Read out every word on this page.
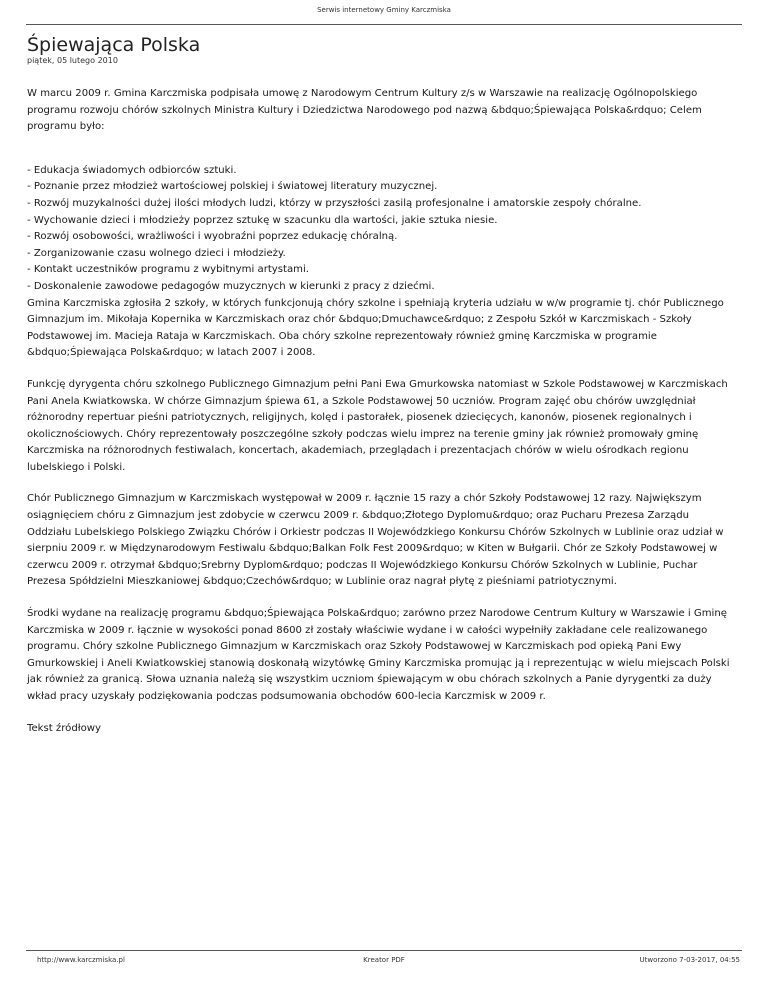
Serwis internetowy Gminy Karczmiska
Śpiewająca Polska
piątek, 05 lutego 2010

W marcu 2009 r. Gmina Karczmiska podpisała umowę z Narodowym Centrum Kultury z/s w Warszawie na realizację Ogólnopolskiego programu rozwoju chórów szkolnych Ministra Kultury i Dziedzictwa Narodowego pod nazwą &bdquo;Śpiewająca Polska&rdquo; Celem programu było:

- Edukacja świadomych odbiorców sztuki.
- Poznanie przez młodzież wartościowej polskiej i światowej literatury muzycznej.
- Rozwój muzykalności dużej ilości młodych ludzi, którzy w przyszłości zasilą profesjonalne i amatorskie zespoły chóralne.
- Wychowanie dzieci i młodzieży poprzez sztukę w szacunku dla wartości, jakie sztuka niesie.
- Rozwój osobowości, wrażliwości i wyobraźni poprzez edukację chóralną.
- Zorganizowanie czasu wolnego dzieci i młodzieży.
- Kontakt uczestników programu z wybitnymi artystami.
- Doskonalenie zawodowe pedagogów muzycznych w kierunki z pracy z dziećmi.

Gmina Karczmiska zgłosiła 2 szkoły, w których funkcjonują chóry szkolne i spełniają kryteria udziału w w/w programie tj. chór Publicznego Gimnazjum im. Mikołaja Kopernika w Karczmiskach oraz chór &bdquo;Dmuchawce&rdquo; z Zespołu Szkół w Karczmiskach - Szkoły Podstawowej im. Macieja Rataja w Karczmiskach. Oba chóry szkolne reprezentowały również gminę Karczmiska w programie &bdquo;Śpiewająca Polska&rdquo; w latach 2007 i 2008.

Funkcję dyrygenta chóru szkolnego Publicznego Gimnazjum pełni Pani Ewa Gmurkowska natomiast w Szkole Podstawowej w Karczmiskach Pani Anela Kwiatkowska. W chórze Gimnazjum śpiewa 61, a Szkole Podstawowej 50 uczniów. Program zajęć obu chórów uwzględniał różnorodny repertuar pieśni patriotycznych, religijnych, kolęd i pastorałek, piosenek dziecięcych, kanonów, piosenek regionalnych i okolicznościowych. Chóry reprezentowały poszczególne szkoły podczas wielu imprez na terenie gminy jak również promowały gminę Karczmiska na różnorodnych festiwalach, koncertach, akademiach, przeglądach i prezentacjach chórów w wielu ośrodkach regionu lubelskiego i Polski.

Chór Publicznego Gimnazjum w Karczmiskach występował w 2009 r. łącznie 15 razy a chór Szkoły Podstawowej 12 razy. Największym osiągnięciem chóru z Gimnazjum jest zdobycie w czerwcu 2009 r. &bdquo;Złotego Dyplomu&rdquo; oraz Pucharu Prezesa Zarządu Oddziału Lubelskiego Polskiego Związku Chórów i Orkiestr podczas II Wojewódzkiego Konkursu Chórów Szkolnych w Lublinie oraz udział w sierpniu 2009 r. w Międzynarodowym Festiwalu &bdquo;Balkan Folk Fest 2009&rdquo; w Kiten w Bułgarii. Chór ze Szkoły Podstawowej w czerwcu 2009 r. otrzymał &bdquo;Srebrny Dyplom&rdquo; podczas II Wojewódzkiego Konkursu Chórów Szkolnych w Lublinie, Puchar Prezesa Spółdzielni Mieszkaniowej &bdquo;Czechów&rdquo; w Lublinie oraz nagrał płytę z pieśniami patriotycznymi.

Środki wydane na realizację programu &bdquo;Śpiewająca Polska&rdquo; zarówno przez Narodowe Centrum Kultury w Warszawie i Gminę Karczmiska w 2009 r. łącznie w wysokości ponad 8600 zł zostały właściwie wydane i w całości wypełniły zakładane cele realizowanego programu. Chóry szkolne Publicznego Gimnazjum w Karczmiskach oraz Szkoły Podstawowej w Karczmiskach pod opieką Pani Ewy Gmurkowskiej i Aneli Kwiatkowskiej stanowią doskonałą wizytówkę Gminy Karczmiska promując ją i reprezentując w wielu miejscach Polski jak również za granicą. Słowa uznania należą się wszystkim uczniom śpiewającym w obu chórach szkolnych a Panie dyrygentki za duży wkład pracy uzyskały podziękowania podczas podsumowania obchodów 600-lecia Karczmisk w 2009 r.

Tekst źródłowy

http://www.karczmiska.pl	Kreator PDF	Utworzono 7-03-2017, 04:55
